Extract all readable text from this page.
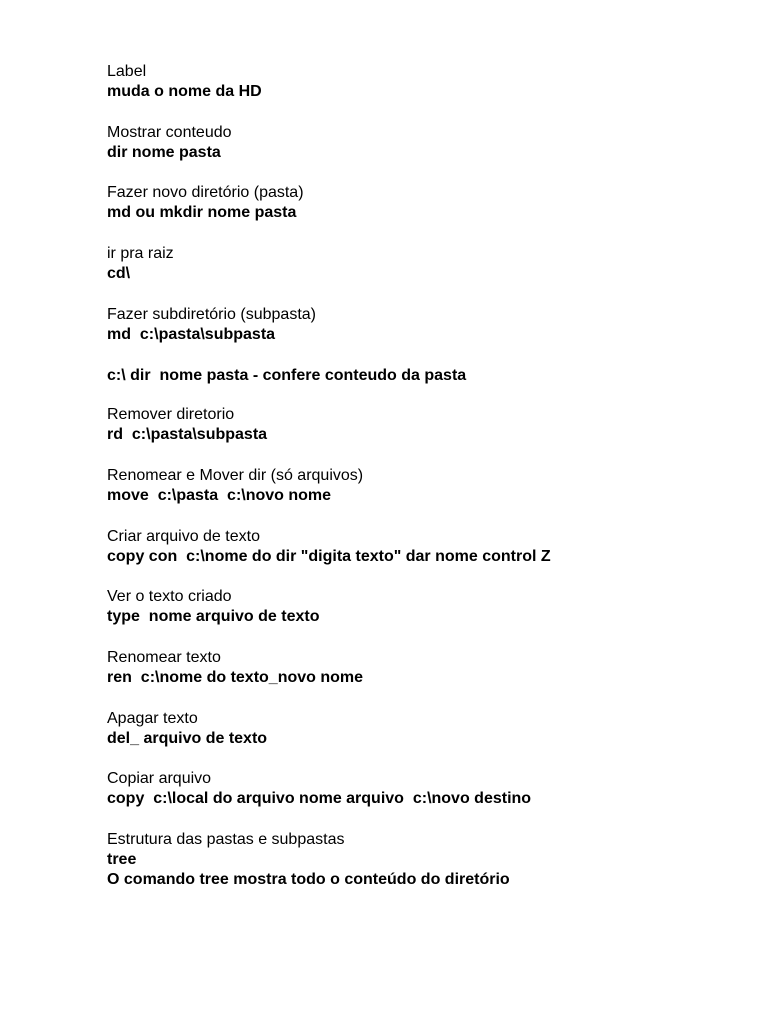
Label
muda o nome da HD
Mostrar conteudo
dir nome pasta
Fazer novo diretório (pasta)
md ou mkdir nome pasta
ir pra raiz
cd\
Fazer subdiretório (subpasta)
md  c:\pasta\subpasta
c:\ dir  nome pasta - confere conteudo da pasta
Remover diretorio
rd  c:\pasta\subpasta
Renomear e Mover dir (só arquivos)
move  c:\pasta  c:\novo nome
Criar arquivo de texto
copy con  c:\nome do dir "digita texto" dar nome control Z
Ver o texto criado
type  nome arquivo de texto
Renomear texto
ren  c:\nome do texto_novo nome
Apagar texto
del_ arquivo de texto
Copiar arquivo
copy  c:\local do arquivo nome arquivo  c:\novo destino
Estrutura das pastas e subpastas
tree
O comando tree mostra todo o conteúdo do diretório
